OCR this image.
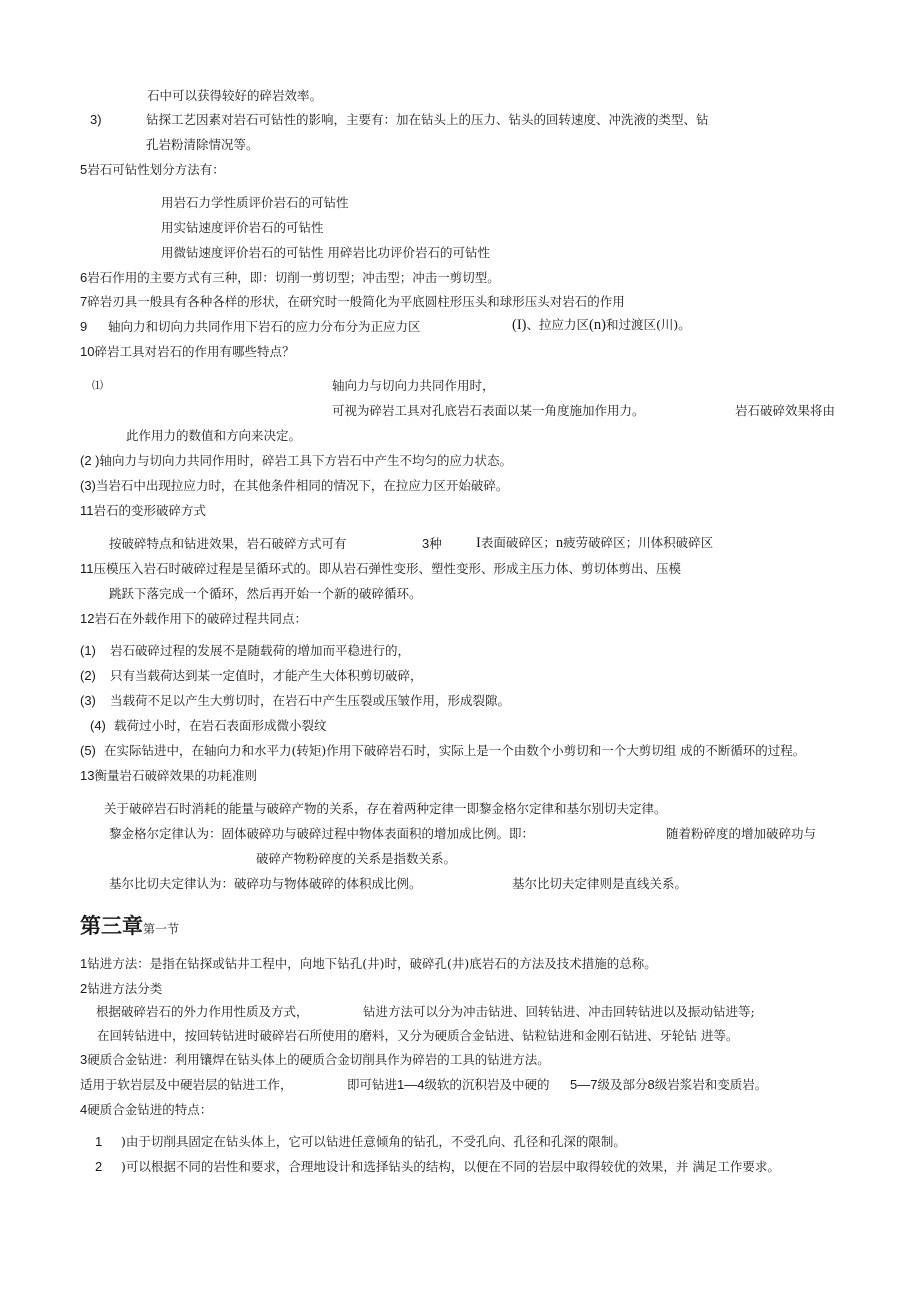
石中可以获得较好的碎岩效率。
3)	钻探工艺因素对岩石可钻性的影响，主要有：加在钻头上的压力、钻头的回转速度、冲洗液的类型、钻
孔岩粉清除情况等。
5岩石可钻性划分方法有：
用岩石力学性质评价岩石的可钻性
用实钻速度评价岩石的可钻性
用微钻速度评价岩石的可钻性 用碎岩比功评价岩石的可钻性
6岩石作用的主要方式有三种，即：切削一剪切型；冲击型；冲击一剪切型。
7碎岩刃具一般具有各种各样的形状，在研究时一般简化为平底圆柱形压头和球形压头对岩石的作用
9 轴向力和切向力共同作用下岩石的应力分布分为正应力区	(I)、拉应力区(n)和过渡区(川)。
10碎岩工具对岩石的作用有哪些特点？
⑴	轴向力与切向力共同作用时，
可视为碎岩工具对孔底岩石表面以某一角度施加作用力。	岩石破碎效果将由
此作用力的数值和方向来决定。
(2 )轴向力与切向力共同作用时，碎岩工具下方岩石中产生不均匀的应力状态。
(3)当岩石中出现拉应力时，在其他条件相同的情况下，在拉应力区开始破碎。
11岩石的变形破碎方式
按破碎特点和钻进效果，岩石破碎方式可有	3种 I表面破碎区；n疲劳破碎区；川体积破碎区
11压模压入岩石时破碎过程是呈循环式的。即从岩石弹性变形、塑性变形、形成主压力体、剪切体剪出、压模
跳跃下落完成一个循环，然后再开始一个新的破碎循环。
12岩石在外载作用下的破碎过程共同点：
(1) 岩石破碎过程的发展不是随载荷的增加而平稳进行的，
(2) 只有当载荷达到某一定值时，才能产生大体积剪切破碎，
(3) 当载荷不足以产生大剪切时，在岩石中产生压裂或压皱作用，形成裂隙。
(4) 载荷过小时，在岩石表面形成微小裂纹
(5) 在实际钻进中，在轴向力和水平力(转矩)作用下破碎岩石时，实际上是一个由数个小剪切和一个大剪切组 成的不断循环的过程。
13衡量岩石破碎效果的功耗准则
关于破碎岩石时消耗的能量与破碎产物的关系，存在着两种定律一即黎金格尔定律和基尔别切夫定律。
黎金格尔定律认为：固体破碎功与破碎过程中物体表面积的增加成比例。即：	随着粉碎度的增加破碎功与
破碎产物粉碎度的关系是指数关系。
基尔比切夫定律认为：破碎功与物体破碎的体积成比例。	基尔比切夫定律则是直线关系。
第三章第一节
1钻进方法：是指在钻探或钻井工程中，向地下钻孔(井)时，破碎孔(井)底岩石的方法及技术措施的总称。
2钻进方法分类
根据破碎岩石的外力作用性质及方式，	钻进方法可以分为冲击钻进、回转钻进、冲击回转钻进以及振动钻进等;
在回转钻进中，按回转钻进时破碎岩石所使用的磨料，又分为硬质合金钻进、钻粒钻进和金刚石钻进、牙轮钻 进等。
3硬质合金钻进：利用镶焊在钻头体上的硬质合金切削具作为碎岩的工具的钻进方法。
适用于软岩层及中硬岩层的钻进工作，	即可钻进1—4级软的沉积岩及中硬的 5—7级及部分8级岩浆岩和变质岩。
4硬质合金钻进的特点：
1 )由于切削具固定在钻头体上，它可以钻进任意倾角的钻孔，不受孔向、孔径和孔深的限制。
2 )可以根据不同的岩性和要求，合理地设计和选择钻头的结构，以便在不同的岩层中取得较优的效果，并 满足工作要求。
